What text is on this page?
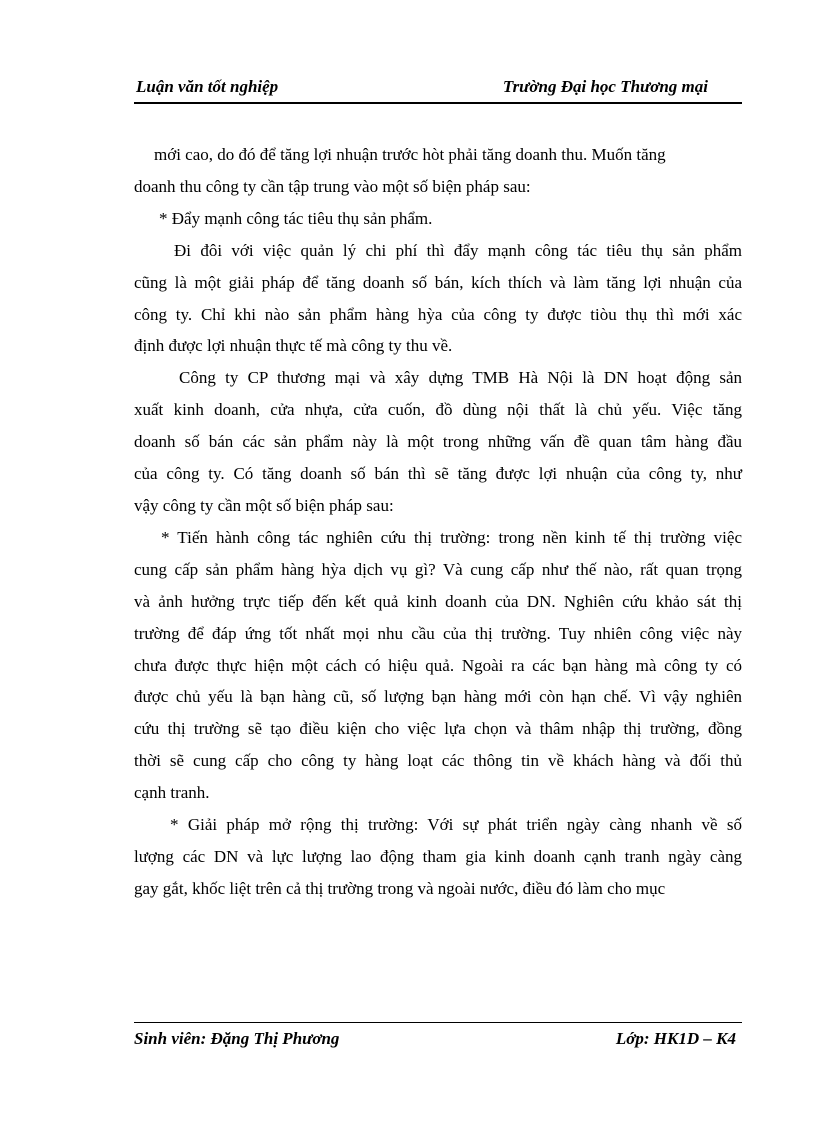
Luận văn tốt nghiệp	Trường Đại học Thương mại

mới cao, do đó để tăng lợi nhuận trước hòt phải tăng doanh thu. Muốn tăng

doanh thu công ty cần tập trung vào một số biện pháp sau:

* Đẩy mạnh công tác tiêu thụ sản phẩm.

Đi đôi với việc quản lý chi phí thì đẩy mạnh công tác tiêu thụ sản phẩm

cũng là một giải pháp để tăng doanh số bán, kích thích và làm tăng lợi nhuận của

công ty. Chỉ khi nào sản phẩm hàng hỳa của công ty được tiòu thụ thì mới xác

định được lợi nhuận thực tế mà công ty thu về.

Công ty CP thương mại và xây dựng TMB Hà Nội là DN hoạt động sản

xuất kinh doanh, cửa nhựa, cửa cuốn, đồ dùng nội thất là chủ yếu. Việc tăng

doanh số bán các sản phẩm này là một trong những vấn đề quan tâm hàng đầu

của công ty. Có tăng doanh số bán thì sẽ tăng được lợi nhuận của công ty, như

vậy công ty cần một số biện pháp sau:

* Tiến hành công tác nghiên cứu thị trường: trong nền kinh tế thị trường việc

cung cấp sản phẩm hàng hỳa dịch vụ gì? Và cung cấp như thế nào, rất quan trọng

và ảnh hưởng trực tiếp đến kết quả kinh doanh của DN. Nghiên cứu khảo sát thị

trường để đáp ứng tốt nhất mọi nhu cầu của thị trường. Tuy nhiên công việc này

chưa được thực hiện một cách có hiệu quả. Ngoài ra các bạn hàng mà công ty có

được chủ yếu là bạn hàng cũ, số lượng bạn hàng mới còn hạn chế. Vì vậy nghiên

cứu thị trường sẽ tạo điều kiện cho việc lựa chọn và thâm nhập thị trường, đồng

thời sẽ cung cấp cho công ty hàng loạt các thông tin về khách hàng và đối thủ

cạnh tranh.

* Giải pháp mở rộng thị trường: Với sự phát triển ngày càng nhanh về số

lượng các DN và lực lượng lao động tham gia kinh doanh cạnh tranh ngày càng

gay gắt, khốc liệt trên cả thị trường trong và ngoài nước, điều đó làm cho mục

Sinh viên: Đặng Thị Phương	Lớp: HK1D – K4
